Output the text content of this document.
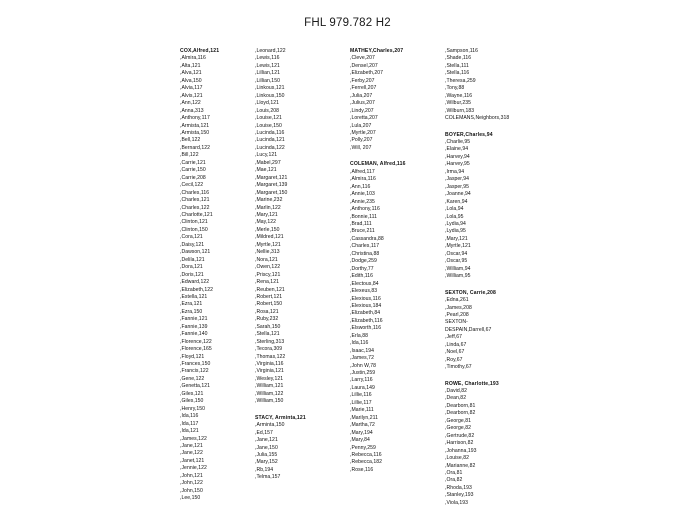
FHL 979.782 H2
COX,Alfred,121
,Almira,116
,Alta,121
,Alva,121
,Alva,150
,Alvia,117
,Alvis,121
,Ann,122
,Anna,313
,Anthony,117
,Armista,121
,Armista,150
,Bell,122
,Bernard,122
,Bill,122
,Carrie,121
,Carrie,150
,Carrie,208
,Cecil,122
,Charles,116
,Charles,121
,Charles,122
,Charlotte,121
,Clinton,121
,Clinton,150
,Cora,121
,Daisy,121
,Dawson,121
,Delila,121
,Dora,121
,Doris,121
,Edward,122
,Elizabeth,122
,Estella,121
,Ezra,121
,Ezra,150
,Fannie,121
,Fannie,139
,Fannie,140
,Florence,122
,Florence,165
,Floyd,121
,Frances,150
,Francis,122
,Gene,122
,Genetta,121
,Giles,121
,Giles,150
,Henry,150
,Ida,116
,Ida,117
,Ida,121
,James,122
,Jane,121
,Jane,122
,Janet,121
,Jennie,122
,John,121
,John,122
,John,150
,Lee,150
,Leonard,122
,Lewis,116
,Lewis,121
,Lillian,121
,Lillian,150
,Linkous,121
,Linkous,150
,Lloyd,121
,Louis,208
,Louise,121
,Louise,150
,Lucinda,116
,Lucinda,121
,Lucinda,122
,Lucy,121
,Mabel,297
,Mae,121
,Margaret,121
,Margaret,139
,Margaret,150
,Marine,232
,Marlin,122
,Mary,121
,May,122
,Merle,150
,Mildred,121
,Myrtle,121
,Nellie,313
,Nora,121
,Owen,122
,Priscy,121
,Rena,121
,Reuben,121
,Robert,121
,Robert,150
,Rosa,121
,Ruby,232
,Sarah,150
,Stella,121
,Sterling,313
,Tecora,309
,Thomas,122
,Virginia,116
,Virginia,121
,Wesley,121
,William,121
,William,122
,William,150
STACY, Arminta,121
,Arminta,150
,Ed,157
,Jane,121
,Jane,150
,Julia,155
,Mary,152
,Rb,194
,Telma,157
MATHEY,Charles,207
,Cleve,207
,Densel,207
,Elizabeth,207
,Ferby,207
,Ferrell,207
,Julia,207
,Julius,207
,Lindy,207
,Loretta,207
,Lula,207
,Myrtle,207
,Polly,207
,Will, 207
COLEMAN, Alfred,116
,Alfred,117
,Almira,116
,Ann,116
,Annie,103
,Annie,235
,Anthony,116
,Bonnie,111
,Brad,111
,Bruce,211
,Cassandra,88
,Charles,117
,Christina,88
,Dodge,259
,Dorthy,77
,Edith,116
,Electous,84
,Elexeus,83
,Elexious,116
,Elexious,184
,Elizabeth,84
,Elizabeth,116
,Elsworth,116
,Erla,88
,Ida,116
,Isaac,194
,James,72
,John W,78
,Justin,259
,Larry,116
,Laura,149
,Lillie,116
,Lillie,117
,Marie,111
,Marilyn,211
,Martha,72
,Mary,194
,Mary,84
,Penny,259
,Rebecca,116
,Rebecca,182
,Rose,116
,Sampson,116
,Shade,116
,Stella,111
,Stella,116
,Theresa,259
,Tony,88
,Wayne,116
,Wilbur,235
,Wilburn,183
COLEMANS,Neighbors,318
BOYER,Charles,94
,Charlie,95
,Elaine,94
,Harvey,94
,Harvey,95
,Irma,94
,Jasper,94
,Jasper,95
,Joanne,94
,Karen,94
,Lola,94
,Lola,95
,Lydia,94
,Lydia,95
,Mary,121
,Myrtle,121
,Oscar,94
,Oscar,95
,William,94
,William,95
SEXTON, Carrie,208
,Edna,261
,James,208
,Pearl,208
SEXTON-
DESPAIN,Darrell,67
,Jeff,67
,Linda,67
,Noel,67
,Roy,67
,Timothy,67
ROWE, Charlotte,193
,David,82
,Dean,82
,Dearborn,81
,Dearborn,82
,George,81
,George,82
,Gertrude,82
,Harrison,82
,Johanna,193
,Louise,82
,Marianne,82
,Ora,81
,Ora,82
,Rhoda,193
,Stanley,193
,Viola,193
